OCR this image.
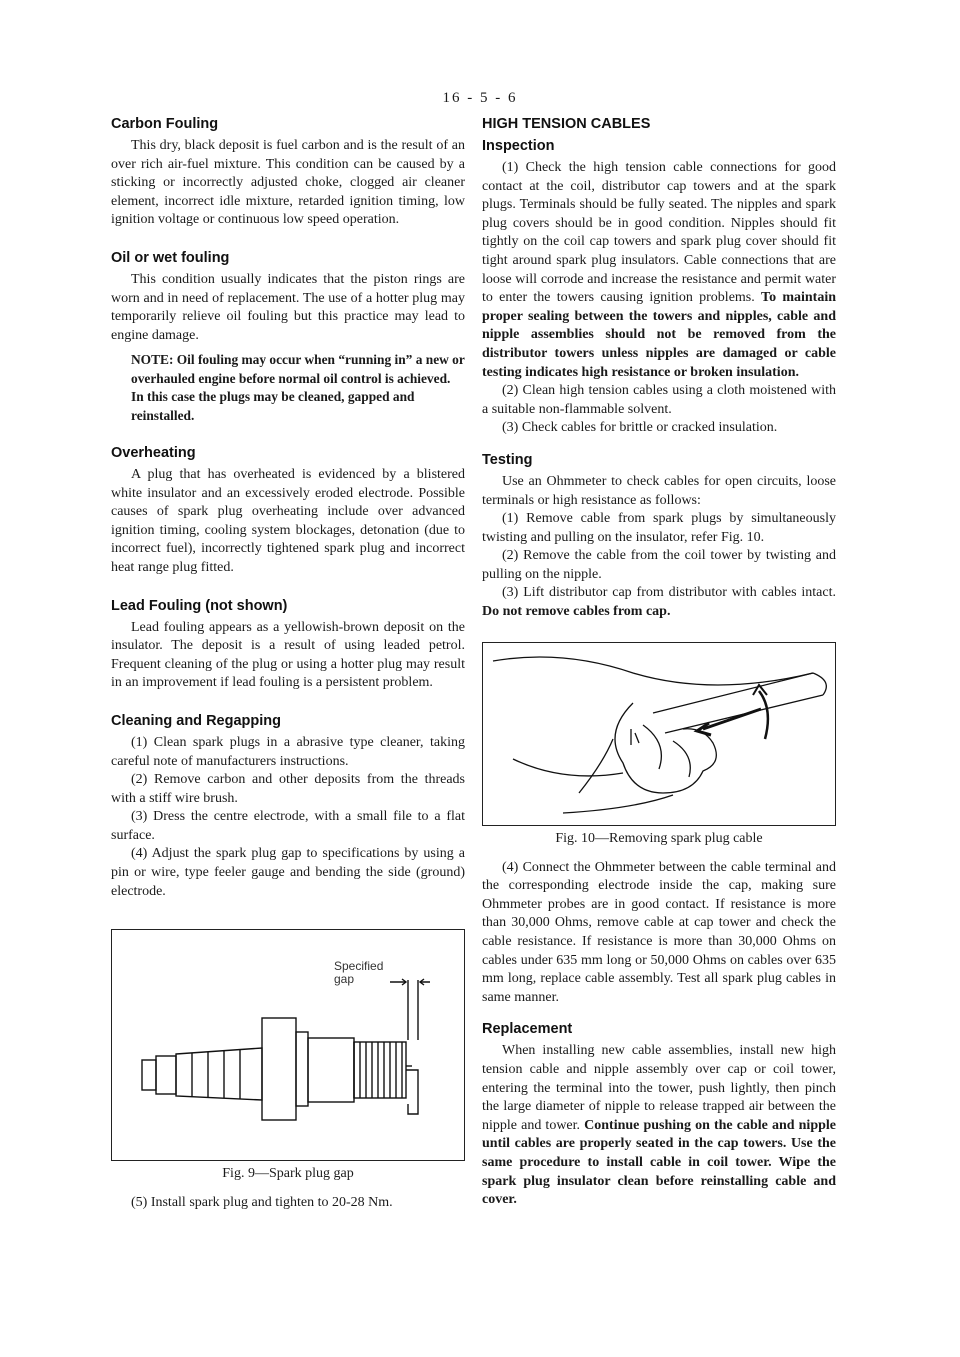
16 - 5 - 6
Carbon Fouling

This dry, black deposit is fuel carbon and is the result of an over rich air-fuel mixture. This condition can be caused by a sticking or incorrectly adjusted choke, clogged air cleaner element, incorrect idle mixture, retarded ignition timing, low ignition voltage or continuous low speed operation.

Oil or wet fouling

This condition usually indicates that the piston rings are worn and in need of replacement. The use of a hotter plug may temporarily relieve oil fouling but this practice may lead to engine damage.

NOTE: Oil fouling may occur when “running in” a new or overhauled engine before normal oil control is achieved. In this case the plugs may be cleaned, gapped and reinstalled.
Overheating

A plug that has overheated is evidenced by a blistered white insulator and an excessively eroded electrode. Possible causes of spark plug overheating include over advanced ignition timing, cooling system blockages, detonation (due to incorrect fuel), incorrectly tightened spark plug and incorrect heat range plug fitted.

Lead Fouling (not shown)

Lead fouling appears as a yellowish-brown deposit on the insulator. The deposit is a result of using leaded petrol. Frequent cleaning of the plug or using a hotter plug may result in an improvement if lead fouling is a persistent problem.

Cleaning and Regapping

(1) Clean spark plugs in a abrasive type cleaner, taking careful note of manufacturers instructions.

(2) Remove carbon and other deposits from the threads with a stiff wire brush.

(3) Dress the centre electrode, with a small file to a flat surface.

(4) Adjust the spark plug gap to specifications by using a pin or wire, type feeler gauge and bending the side (ground) electrode.

Specified
gap
Fig. 9—Spark plug gap

(5) Install spark plug and tighten to 20-28 Nm.

HIGH TENSION CABLES
Inspection

(1) Check the high tension cable connections for good contact at the coil, distributor cap towers and at the spark plugs. Terminals should be fully seated. The nipples and spark plug covers should be in good condition. Nipples should fit tightly on the coil cap towers and spark plug cover should fit tight around spark plug insulators. Cable connections that are loose will corrode and increase the resistance and permit water to enter the towers causing ignition problems. To maintain proper sealing between the towers and nipples, cable and nipple assemblies should not be removed from the distributor towers unless nipples are damaged or cable testing indicates high resistance or broken insulation.

(2) Clean high tension cables using a cloth moistened with a suitable non-flammable solvent.

(3) Check cables for brittle or cracked insulation.

Testing

Use an Ohmmeter to check cables for open circuits, loose terminals or high resistance as follows:

(1) Remove cable from spark plugs by simultaneously twisting and pulling on the insulator, refer Fig. 10.

(2) Remove the cable from the coil tower by twisting and pulling on the nipple.

(3) Lift distributor cap from distributor with cables intact. Do not remove cables from cap.

Fig. 10—Removing spark plug cable

(4) Connect the Ohmmeter between the cable terminal and the corresponding electrode inside the cap, making sure Ohmmeter probes are in good contact. If resistance is more than 30,000 Ohms, remove cable at cap tower and check the cable resistance. If resistance is more than 30,000 Ohms on cables under 635 mm long or 50,000 Ohms on cables over 635 mm long, replace cable assembly. Test all spark plug cables in same manner.

Replacement

When installing new cable assemblies, install new high tension cable and nipple assembly over cap or coil tower, entering the terminal into the tower, push lightly, then pinch the large diameter of nipple to release trapped air between the nipple and tower. Continue pushing on the cable and nipple until cables are properly seated in the cap towers. Use the same procedure to install cable in coil tower. Wipe the spark plug insulator clean before reinstalling cable and cover.
